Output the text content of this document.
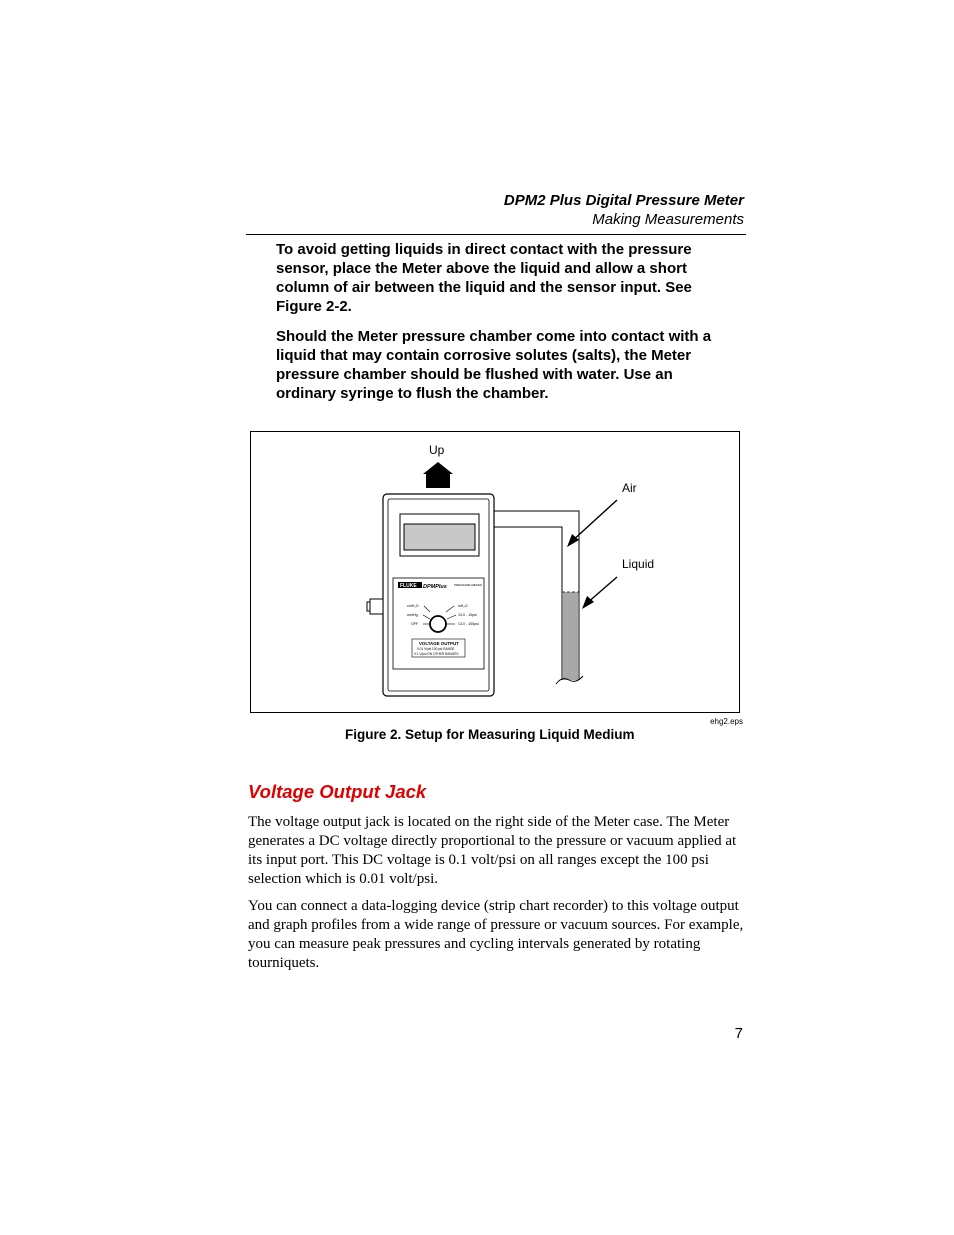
DPM2 Plus Digital Pressure Meter
Making Measurements

To avoid getting liquids in direct contact with the pressure sensor, place the Meter above the liquid and allow a short column of air between the liquid and the sensor input. See Figure 2-2.

Should the Meter pressure chamber come into contact with a liquid that may contain corrosive solutes (salts), the Meter pressure chamber should be flushed with water. Use an ordinary syringe to flush the chamber.

Up
FLUKE DPMPlus PRESSURE METER
cmH₂O
mmHg
OFF
inH₂O
13.0 - 10psi
13.0 - 100psi
VOLTAGE OUTPUT
0.01 V/psi 100 psi RANGE
0.1 V/psi ON OTHER RANGES
Air
Liquid
ehg2.eps
Figure 2. Setup for Measuring Liquid Medium
Voltage Output Jack

The voltage output jack is located on the right side of the Meter case. The Meter generates a DC voltage directly proportional to the pressure or vacuum applied at its input port. This DC voltage is 0.1 volt/psi on all ranges except the 100 psi selection which is 0.01 volt/psi.

You can connect a data-logging device (strip chart recorder) to this voltage output and graph profiles from a wide range of pressure or vacuum sources. For example, you can measure peak pressures and cycling intervals generated by rotating tourniquets.

7
